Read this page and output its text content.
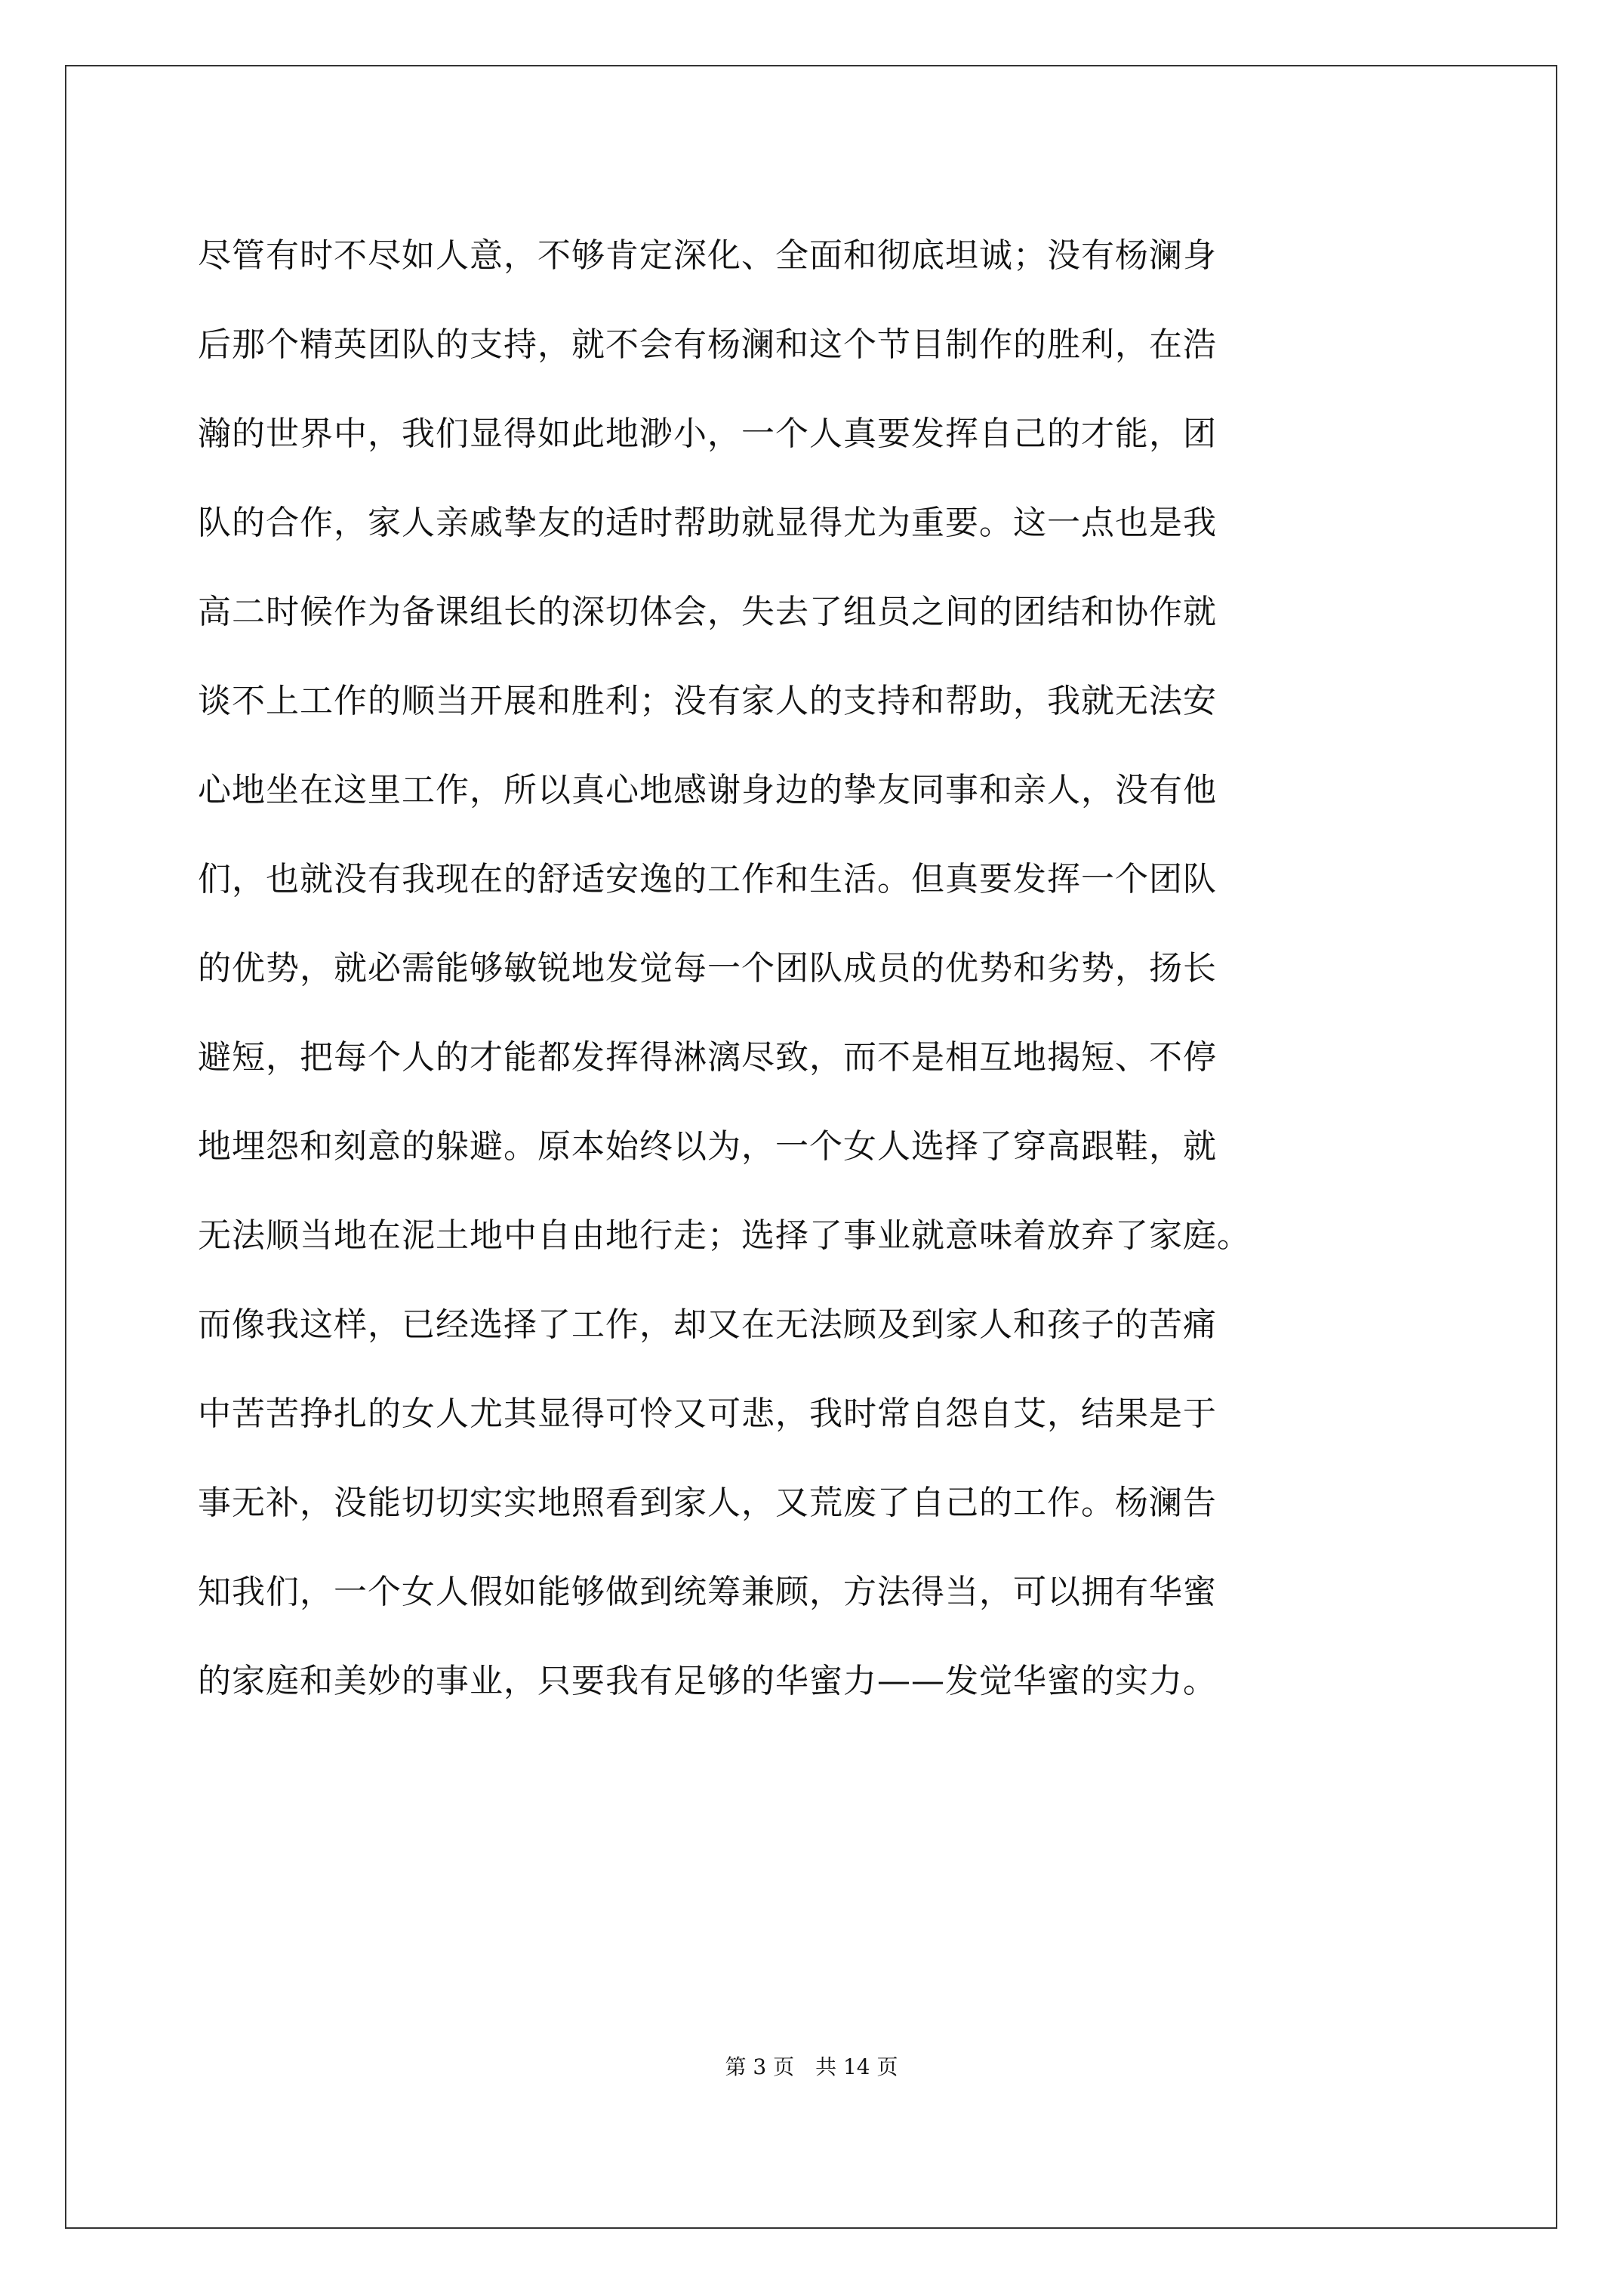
尽管有时不尽如人意，不够肯定深化、全面和彻底坦诚；没有杨澜身
后那个精英团队的支持，就不会有杨澜和这个节目制作的胜利，在浩
瀚的世界中，我们显得如此地渺小，一个人真要发挥自己的才能，团
队的合作，家人亲戚挚友的适时帮助就显得尤为重要。这一点也是我
高二时候作为备课组长的深切体会，失去了组员之间的团结和协作就
谈不上工作的顺当开展和胜利；没有家人的支持和帮助，我就无法安
心地坐在这里工作，所以真心地感谢身边的挚友同事和亲人，没有他
们，也就没有我现在的舒适安逸的工作和生活。但真要发挥一个团队
的优势，就必需能够敏锐地发觉每一个团队成员的优势和劣势，扬长
避短，把每个人的才能都发挥得淋漓尽致，而不是相互地揭短、不停
地埋怨和刻意的躲避。原本始终以为，一个女人选择了穿高跟鞋，就
无法顺当地在泥土地中自由地行走；选择了事业就意味着放弃了家庭。
而像我这样，已经选择了工作，却又在无法顾及到家人和孩子的苦痛
中苦苦挣扎的女人尤其显得可怜又可悲，我时常自怨自艾，结果是于
事无补，没能切切实实地照看到家人，又荒废了自己的工作。杨澜告
知我们，一个女人假如能够做到统筹兼顾，方法得当，可以拥有华蜜
的家庭和美妙的事业，只要我有足够的华蜜力——发觉华蜜的实力。
第 3 页 共 14 页
